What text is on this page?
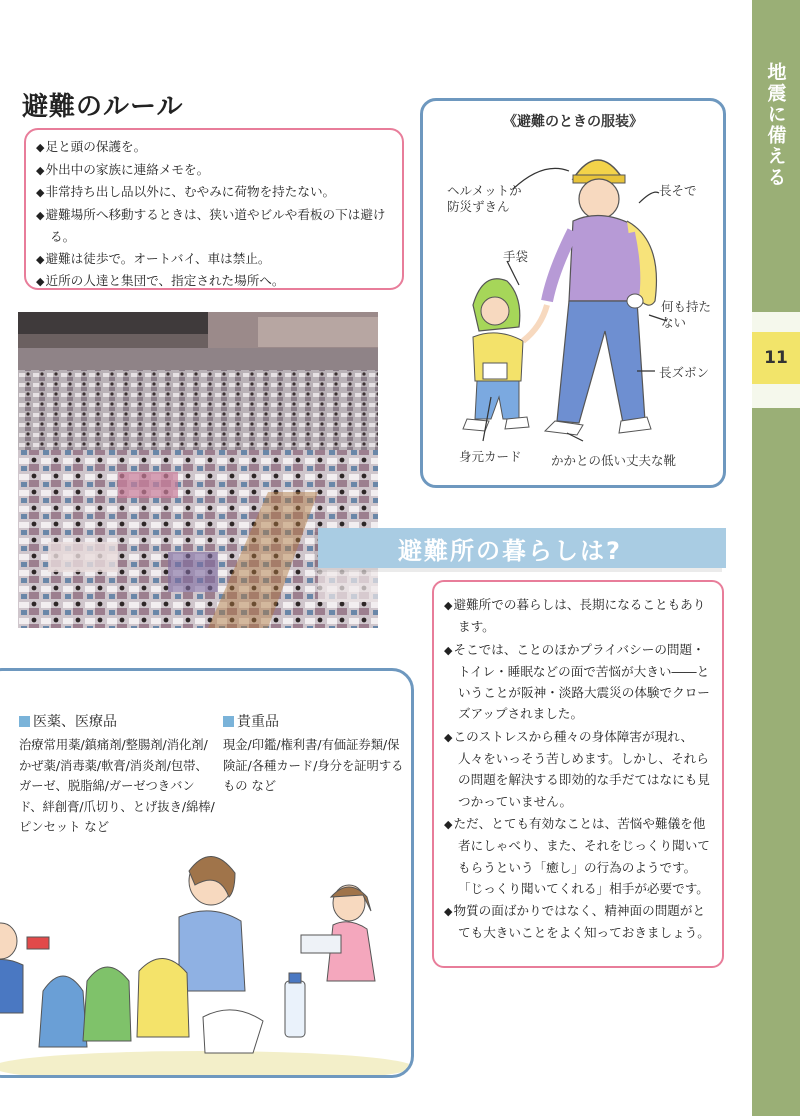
地震に備える
11
避難のルール
◆ 足と頭の保護を。
◆ 外出中の家族に連絡メモを。
◆ 非常持ち出し品以外に、むやみに荷物を持たない。
◆ 避難場所へ移動するときは、狭い道やビルや看板の下は避ける。
◆ 避難は徒歩で。オートバイ、車は禁止。
◆ 近所の人達と集団で、指定された場所へ。
《避難のときの服装》
ヘルメットか防災ずきん
長そで
手袋
何も持たない
長ズボン
身元カード かかとの低い丈夫な靴
避難所の暮らしは?
◆ 避難所での暮らしは、長期になることもあります。
◆ そこでは、ことのほかプライバシーの問題・トイレ・睡眠などの面で苦悩が大きい――ということが阪神・淡路大震災の体験でクローズアップされました。
◆ このストレスから種々の身体障害が現れ、人々をいっそう苦しめます。しかし、それらの問題を解決する即効的な手だてはなにも見つかっていません。
◆ ただ、とても有効なことは、苦悩や難儀を他者にしゃべり、また、それをじっくり聞いてもらうという「癒し」の行為のようです。「じっくり聞いてくれる」相手が必要です。
◆ 物質の面ばかりではなく、精神面の問題がとても大きいことをよく知っておきましょう。
医薬、医療品
治療常用薬/鎮痛剤/整腸剤/消化剤/かぜ薬/消毒薬/軟膏/消炎剤/包帯、ガーゼ、脱脂綿/ガーゼつきバンド、絆創膏/爪切り、とげ抜き/綿棒/ピンセット など
貴重品
現金/印鑑/権利書/有価証券類/保険証/各種カード/身分を証明するもの など
